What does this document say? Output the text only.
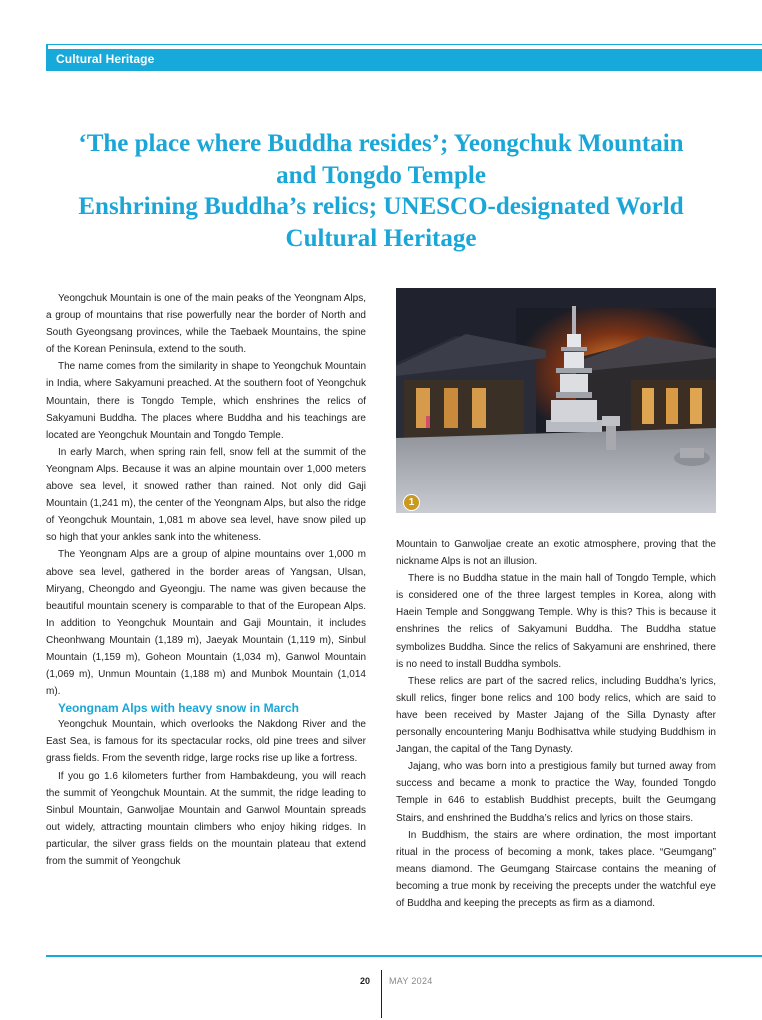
Cultural Heritage
‘The place where Buddha resides’; Yeongchuk Mountain
and Tongdo Temple
Enshrining Buddha’s relics; UNESCO-designated World
Cultural Heritage

Yeongchuk Mountain is one of the main peaks of the Yeongnam Alps, a group of mountains that rise powerfully near the border of North and South Gyeongsang provinces, while the Taebaek Mountains, the spine of the Korean Peninsula, extend to the south.

The name comes from the similarity in shape to Yeongchuk Mountain in India, where Sakyamuni preached. At the southern foot of Yeongchuk Mountain, there is Tongdo Temple, which enshrines the relics of Sakyamuni Buddha. The places where Buddha and his teachings are located are Yeongchuk Mountain and Tongdo Temple.

In early March, when spring rain fell, snow fell at the summit of the Yeongnam Alps. Because it was an alpine mountain over 1,000 meters above sea level, it snowed rather than rained. Not only did Gaji Mountain (1,241 m), the center of the Yeongnam Alps, but also the ridge of Yeongchuk Mountain, 1,081 m above sea level, have snow piled up so high that your ankles sank into the whiteness.

The Yeongnam Alps are a group of alpine mountains over 1,000 m above sea level, gathered in the border areas of Yangsan, Ulsan, Miryang, Cheongdo and Gyeongju. The name was given because the beautiful mountain scenery is comparable to that of the European Alps. In addition to Yeongchuk Mountain and Gaji Mountain, it includes Cheonhwang Mountain (1,189 m), Jaeyak Mountain (1,119 m), Sinbul Mountain (1,159 m), Goheon Mountain (1,034 m), Ganwol Mountain (1,069 m), Unmun Mountain (1,188 m) and Munbok Mountain (1,014 m).

Yeongnam Alps with heavy snow in March

Yeongchuk Mountain, which overlooks the Nakdong River and the East Sea, is famous for its spectacular rocks, old pine trees and silver grass fields. From the seventh ridge, large rocks rise up like a fortress.

If you go 1.6 kilometers further from Hambakdeung, you will reach the summit of Yeongchuk Mountain. At the summit, the ridge leading to Sinbul Mountain, Ganwoljae Mountain and Ganwol Mountain spreads out widely, attracting mountain climbers who enjoy hiking ridges. In particular, the silver grass fields on the mountain plateau that extend from the summit of Yeongchuk

1

Mountain to Ganwoljae create an exotic atmosphere, proving that the nickname Alps is not an illusion.

There is no Buddha statue in the main hall of Tongdo Temple, which is considered one of the three largest temples in Korea, along with Haein Temple and Songgwang Temple. Why is this? This is because it enshrines the relics of Sakyamuni Buddha. The Buddha statue symbolizes Buddha. Since the relics of Sakyamuni are enshrined, there is no need to install Buddha symbols.

These relics are part of the sacred relics, including Buddha’s lyrics, skull relics, finger bone relics and 100 body relics, which are said to have been received by Master Jajang of the Silla Dynasty after personally encountering Manju Bodhisattva while studying Buddhism in Jangan, the capital of the Tang Dynasty.

Jajang, who was born into a prestigious family but turned away from success and became a monk to practice the Way, founded Tongdo Temple in 646 to establish Buddhist precepts, built the Geumgang Stairs, and enshrined the Buddha’s relics and lyrics on those stairs.

In Buddhism, the stairs are where ordination, the most important ritual in the process of becoming a monk, takes place. “Geumgang” means diamond. The Geumgang Staircase contains the meaning of becoming a true monk by receiving the precepts under the watchful eye of Buddha and keeping the precepts as firm as a diamond.

20 MAY 2024
